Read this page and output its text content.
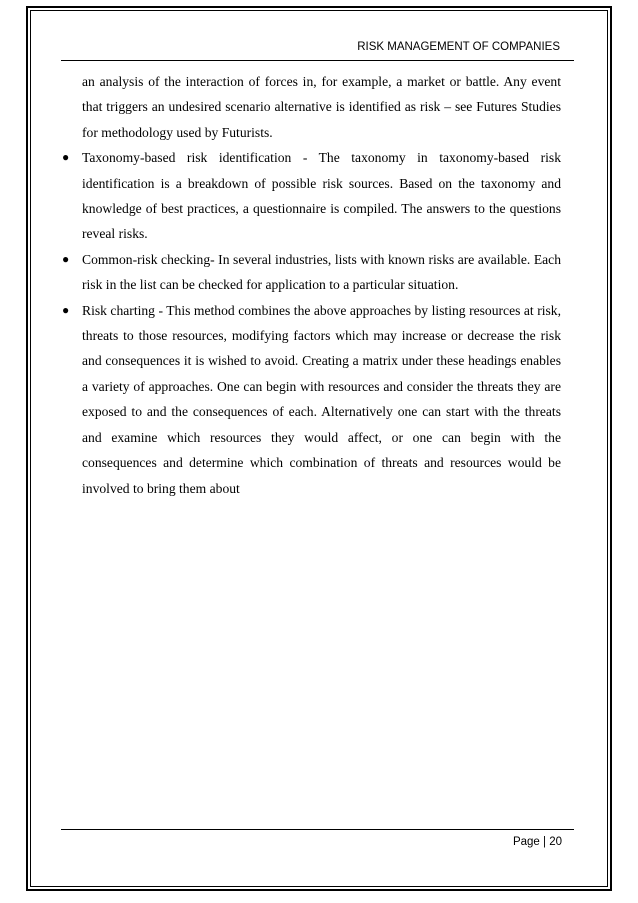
RISK MANAGEMENT OF COMPANIES

an analysis of the interaction of forces in, for example, a market or battle. Any event that triggers an undesired scenario alternative is identified as risk – see Futures Studies for methodology used by Futurists.

● Taxonomy-based risk identification - The taxonomy in taxonomy-based risk identification is a breakdown of possible risk sources. Based on the taxonomy and knowledge of best practices, a questionnaire is compiled. The answers to the questions reveal risks.
● Common-risk checking- In several industries, lists with known risks are available. Each risk in the list can be checked for application to a particular situation.
● Risk charting - This method combines the above approaches by listing resources at risk, threats to those resources, modifying factors which may increase or decrease the risk and consequences it is wished to avoid. Creating a matrix under these headings enables a variety of approaches. One can begin with resources and consider the threats they are exposed to and the consequences of each. Alternatively one can start with the threats and examine which resources they would affect, or one can begin with the consequences and determine which combination of threats and resources would be involved to bring them about
Page | 20
